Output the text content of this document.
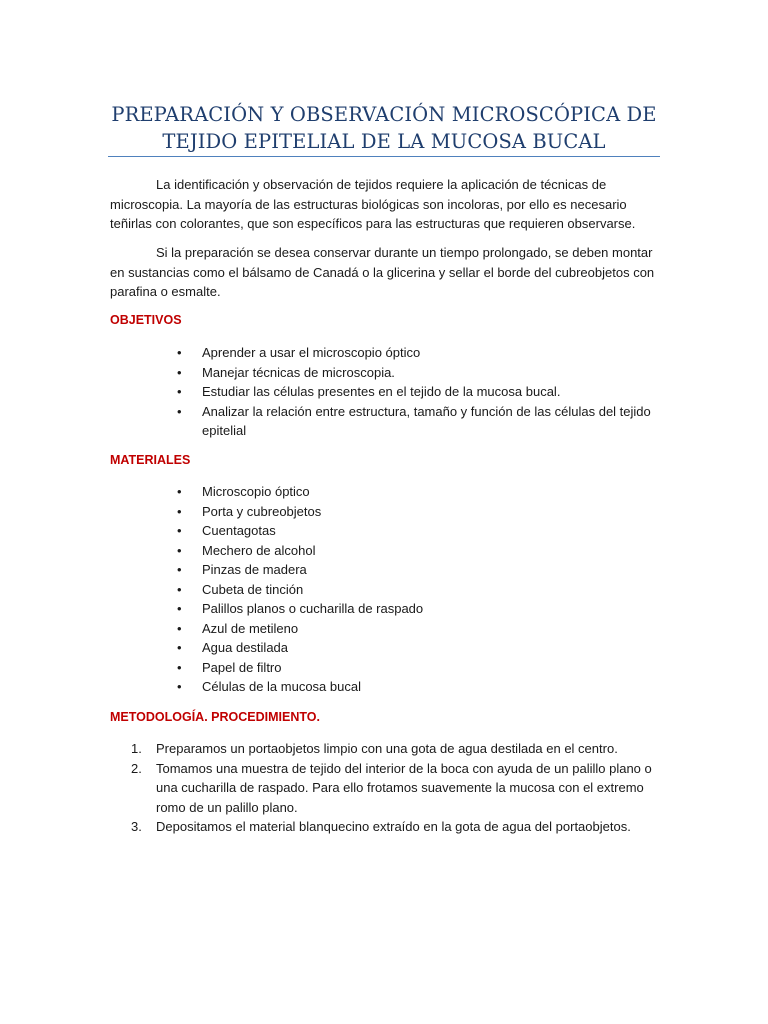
PREPARACIÓN Y OBSERVACIÓN MICROSCÓPICA DE
TEJIDO EPITELIAL DE LA MUCOSA BUCAL
La identificación y observación de tejidos requiere la aplicación de técnicas de
microscopia. La mayoría de las estructuras biológicas son incoloras, por ello es necesario
teñirlas con colorantes, que son específicos para las estructuras que requieren observarse.
Si la preparación se desea conservar durante un tiempo prolongado, se deben montar
en sustancias como el bálsamo de Canadá o la glicerina y sellar el borde del cubreobjetos con
parafina o esmalte.
OBJETIVOS
• Aprender a usar el microscopio óptico
• Manejar técnicas de microscopia.
• Estudiar las células presentes en el tejido de la mucosa bucal.
• Analizar la relación entre estructura, tamaño y función de las células del tejido
epitelial
MATERIALES
• Microscopio óptico
• Porta y cubreobjetos
• Cuentagotas
• Mechero de alcohol
• Pinzas de madera
• Cubeta de tinción
• Palillos planos o cucharilla de raspado
• Azul de metileno
• Agua destilada
• Papel de filtro
• Células de la mucosa bucal
METODOLOGÍA. PROCEDIMIENTO.
1. Preparamos un portaobjetos limpio con una gota de agua destilada en el centro.
2. Tomamos una muestra de tejido del interior de la boca con ayuda de un palillo plano o
una cucharilla de raspado. Para ello frotamos suavemente la mucosa con el extremo
romo de un palillo plano.
3. Depositamos el material blanquecino extraído en la gota de agua del portaobjetos.
